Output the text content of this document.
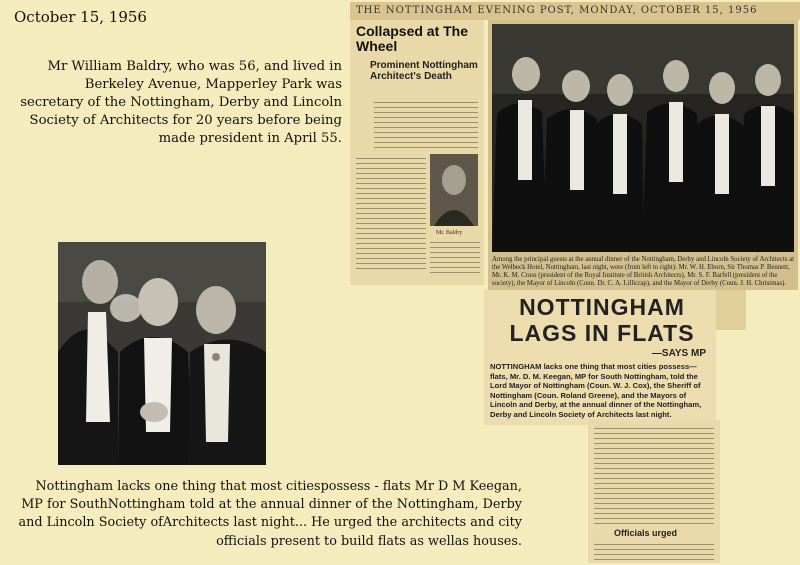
October 15, 1956
Mr William Baldry, who was 56, and lived in Berkeley Avenue, Mapperley Park was secretary of the Nottingham, Derby and Lincoln Society of Architects for 20 years before being made president in April 55.
Nottingham lacks one thing that most citiespossess - flats Mr D M Keegan, MP for SouthNottingham told at the annual dinner of the Nottingham, Derby and Lincoln Society ofArchitects last night... He urged the architects and city officials present to build flats as wellas houses.
THE NOTTINGHAM EVENING POST, MONDAY, OCTOBER 15, 1956
Collapsed at The Wheel
Prominent Nottingham Architect's Death
Mr. Baldry
Among the principal guests at the annual dinner of the Nottingham, Derby and Lincoln Society of Architects at the Welbeck Hotel, Nottingham, last night, were (from left to right): Mr. W. H. Eborn, Sir Thomas P. Bennett, Mr. K. M. Cross (president of the Royal Institute of British Architects), Mr. S. F. Barfell (president of the society), the Mayor of Lincoln (Coun. Dr. C. A. Lillicrap), and the Mayor of Derby (Coun. J. H. Christmas).
NOTTINGHAM
LAGS IN FLATS
—SAYS MP
NOTTINGHAM lacks one thing that most cities possess—flats, Mr. D. M. Keegan, MP for South Nottingham, told the Lord Mayor of Nottingham (Coun. W. J. Cox), the Sheriff of Nottingham (Coun. Roland Greene), and the Mayors of Lincoln and Derby, at the annual dinner of the Nottingham, Derby and Lincoln Society of Architects last night.
Officials urged
